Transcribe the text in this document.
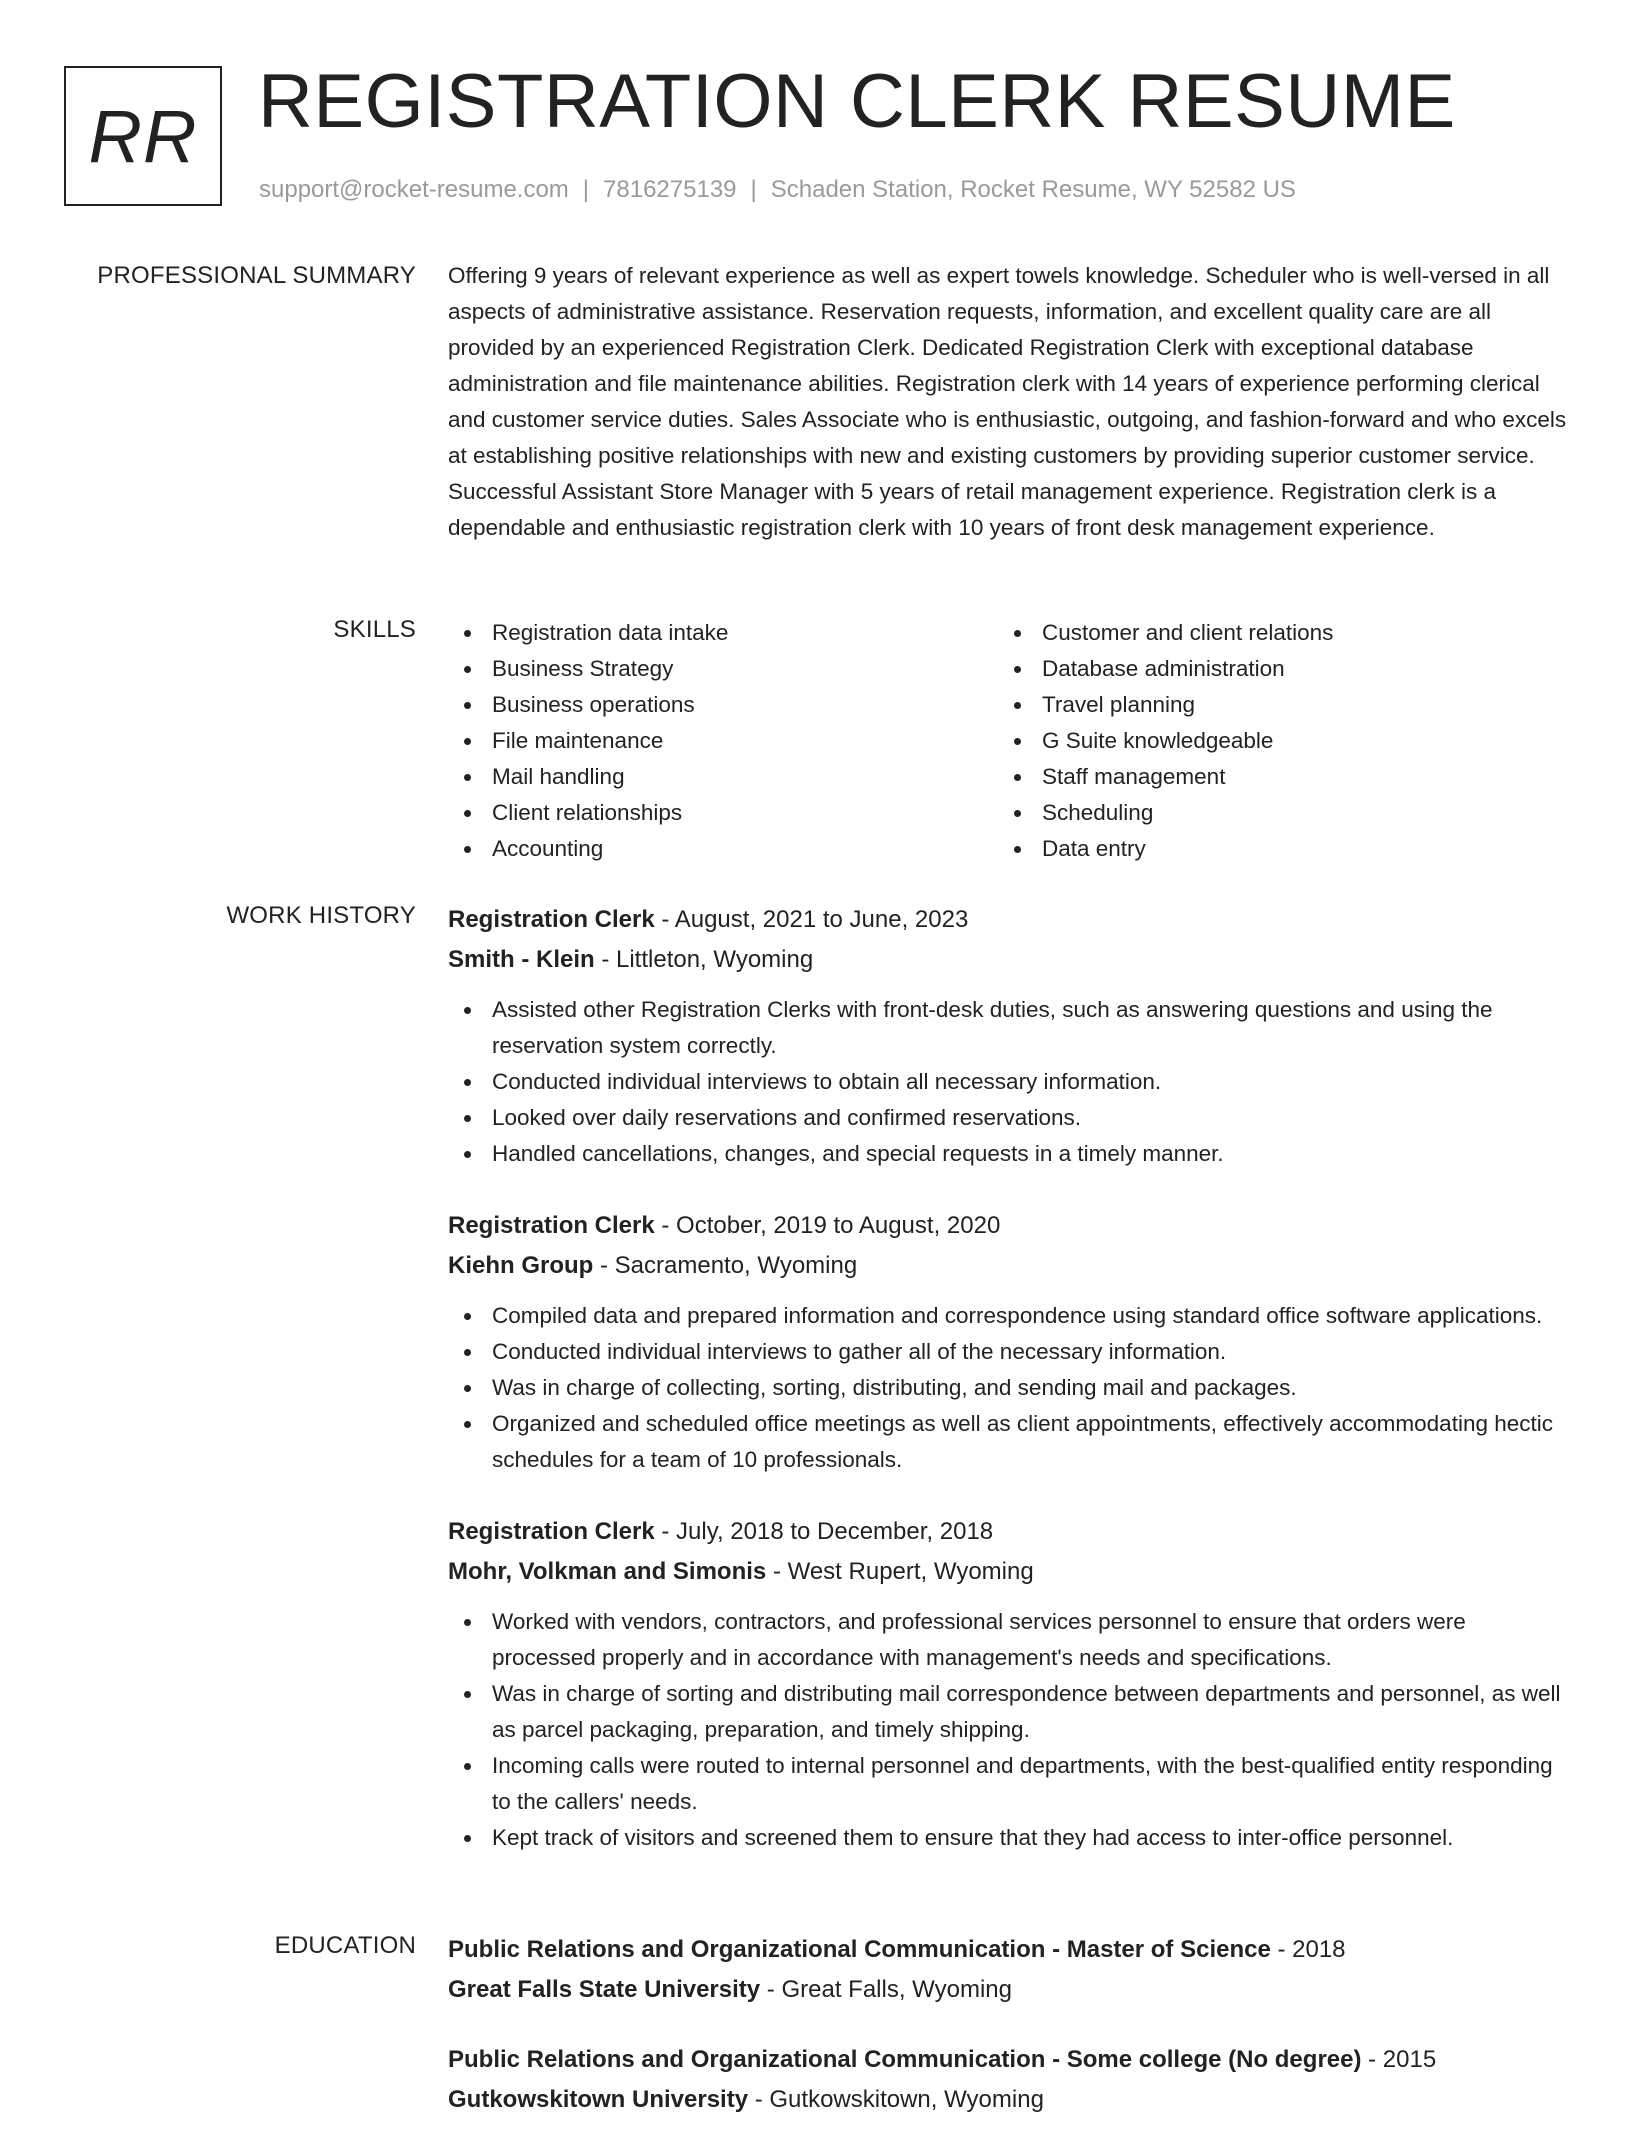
RR REGISTRATION CLERK RESUME
support@rocket-resume.com | 7816275139 | Schaden Station, Rocket Resume, WY 52582 US
PROFESSIONAL SUMMARY Offering 9 years of relevant experience as well as expert towels knowledge. Scheduler who is well-versed in all aspects of administrative assistance. Reservation requests, information, and excellent quality care are all provided by an experienced Registration Clerk. Dedicated Registration Clerk with exceptional database administration and file maintenance abilities. Registration clerk with 14 years of experience performing clerical and customer service duties. Sales Associate who is enthusiastic, outgoing, and fashion-forward and who excels at establishing positive relationships with new and existing customers by providing superior customer service. Successful Assistant Store Manager with 5 years of retail management experience. Registration clerk is a dependable and enthusiastic registration clerk with 10 years of front desk management experience.

SKILLS	Registration data intake
Business Strategy
Business operations
File maintenance
Mail handling
Client relationships
Accounting
Customer and client relations
Database administration
Travel planning
G Suite knowledgeable
Staff management
Scheduling
Data entry
WORK HISTORY Registration Clerk - August, 2021 to June, 2023
Smith - Klein - Littleton, Wyoming
Assisted other Registration Clerks with front-desk duties, such as answering questions and using the reservation system correctly.
Conducted individual interviews to obtain all necessary information.
Looked over daily reservations and confirmed reservations.
Handled cancellations, changes, and special requests in a timely manner.
Registration Clerk - October, 2019 to August, 2020
Kiehn Group - Sacramento, Wyoming
Compiled data and prepared information and correspondence using standard office software applications.
Conducted individual interviews to gather all of the necessary information.
Was in charge of collecting, sorting, distributing, and sending mail and packages.
Organized and scheduled office meetings as well as client appointments, effectively accommodating hectic schedules for a team of 10 professionals.
Registration Clerk - July, 2018 to December, 2018
Mohr, Volkman and Simonis - West Rupert, Wyoming
Worked with vendors, contractors, and professional services personnel to ensure that orders were processed properly and in accordance with management's needs and specifications.
Was in charge of sorting and distributing mail correspondence between departments and personnel, as well as parcel packaging, preparation, and timely shipping.
Incoming calls were routed to internal personnel and departments, with the best-qualified entity responding to the callers' needs.
Kept track of visitors and screened them to ensure that they had access to inter-office personnel.
EDUCATION Public Relations and Organizational Communication - Master of Science - 2018
Great Falls State University - Great Falls, Wyoming
Public Relations and Organizational Communication - Some college (No degree) - 2015
Gutkowskitown University - Gutkowskitown, Wyoming
